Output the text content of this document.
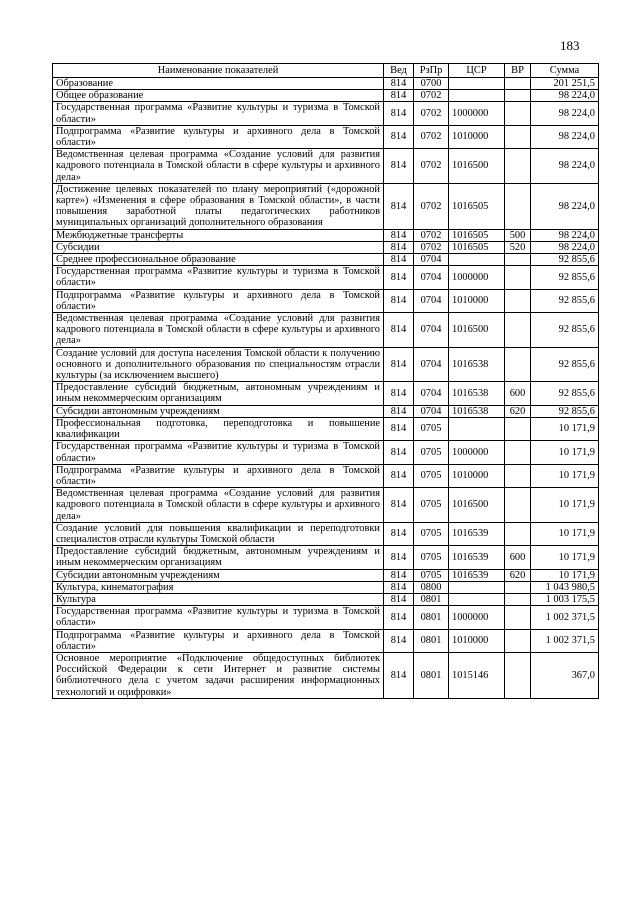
183
Наименование показателей	Вед	РзПр	ЦСР	ВР	Сумма
Образование	814	0700			201 251,5
Общее образование	814	0702			98 224,0
Государственная программа «Развитие культуры и туризма в Томской области»	814	0702	1000000		98 224,0
Подпрограмма «Развитие культуры и архивного дела в Томской области»	814	0702	1010000		98 224,0
Ведомственная целевая программа «Создание условий для развития кадрового потенциала в Томской области в сфере культуры и архивного дела»	814	0702	1016500		98 224,0
Достижение целевых показателей по плану мероприятий («дорожной карте») «Изменения в сфере образования в Томской области», в части повышения заработной платы педагогических работников муниципальных организаций дополнительного образования	814	0702	1016505		98 224,0
Межбюджетные трансферты	814	0702	1016505	500	98 224,0
Субсидии	814	0702	1016505	520	98 224,0
Среднее профессиональное образование	814	0704			92 855,6
Государственная программа «Развитие культуры и туризма в Томской области»	814	0704	1000000		92 855,6
Подпрограмма «Развитие культуры и архивного дела в Томской области»	814	0704	1010000		92 855,6
Ведомственная целевая программа «Создание условий для развития кадрового потенциала в Томской области в сфере культуры и архивного дела»	814	0704	1016500		92 855,6
Создание условий для доступа населения Томской области к получению основного и дополнительного образования по специальностям отрасли культуры (за исключением высшего)	814	0704	1016538		92 855,6
Предоставление субсидий бюджетным, автономным учреждениям и иным некоммерческим организациям	814	0704	1016538	600	92 855,6
Субсидии автономным учреждениям	814	0704	1016538	620	92 855,6
Профессиональная подготовка, переподготовка и повышение квалификации	814	0705			10 171,9
Государственная программа «Развитие культуры и туризма в Томской области»	814	0705	1000000		10 171,9
Подпрограмма «Развитие культуры и архивного дела в Томской области»	814	0705	1010000		10 171,9
Ведомственная целевая программа «Создание условий для развития кадрового потенциала в Томской области в сфере культуры и архивного дела»	814	0705	1016500		10 171,9
Создание условий для повышения квалификации и переподготовки специалистов отрасли культуры Томской области	814	0705	1016539		10 171,9
Предоставление субсидий бюджетным, автономным учреждениям и иным некоммерческим организациям	814	0705	1016539	600	10 171,9
Субсидии автономным учреждениям	814	0705	1016539	620	10 171,9
Культура, кинематография	814	0800			1 043 980,5
Культура	814	0801			1 003 175,5
Государственная программа «Развитие культуры и туризма в Томской области»	814	0801	1000000		1 002 371,5
Подпрограмма «Развитие культуры и архивного дела в Томской области»	814	0801	1010000		1 002 371,5
Основное мероприятие «Подключение общедоступных библиотек Российской Федерации к сети Интернет и развитие системы библиотечного дела с учетом задачи расширения информационных технологий и оцифровки»	814	0801	1015146		367,0
